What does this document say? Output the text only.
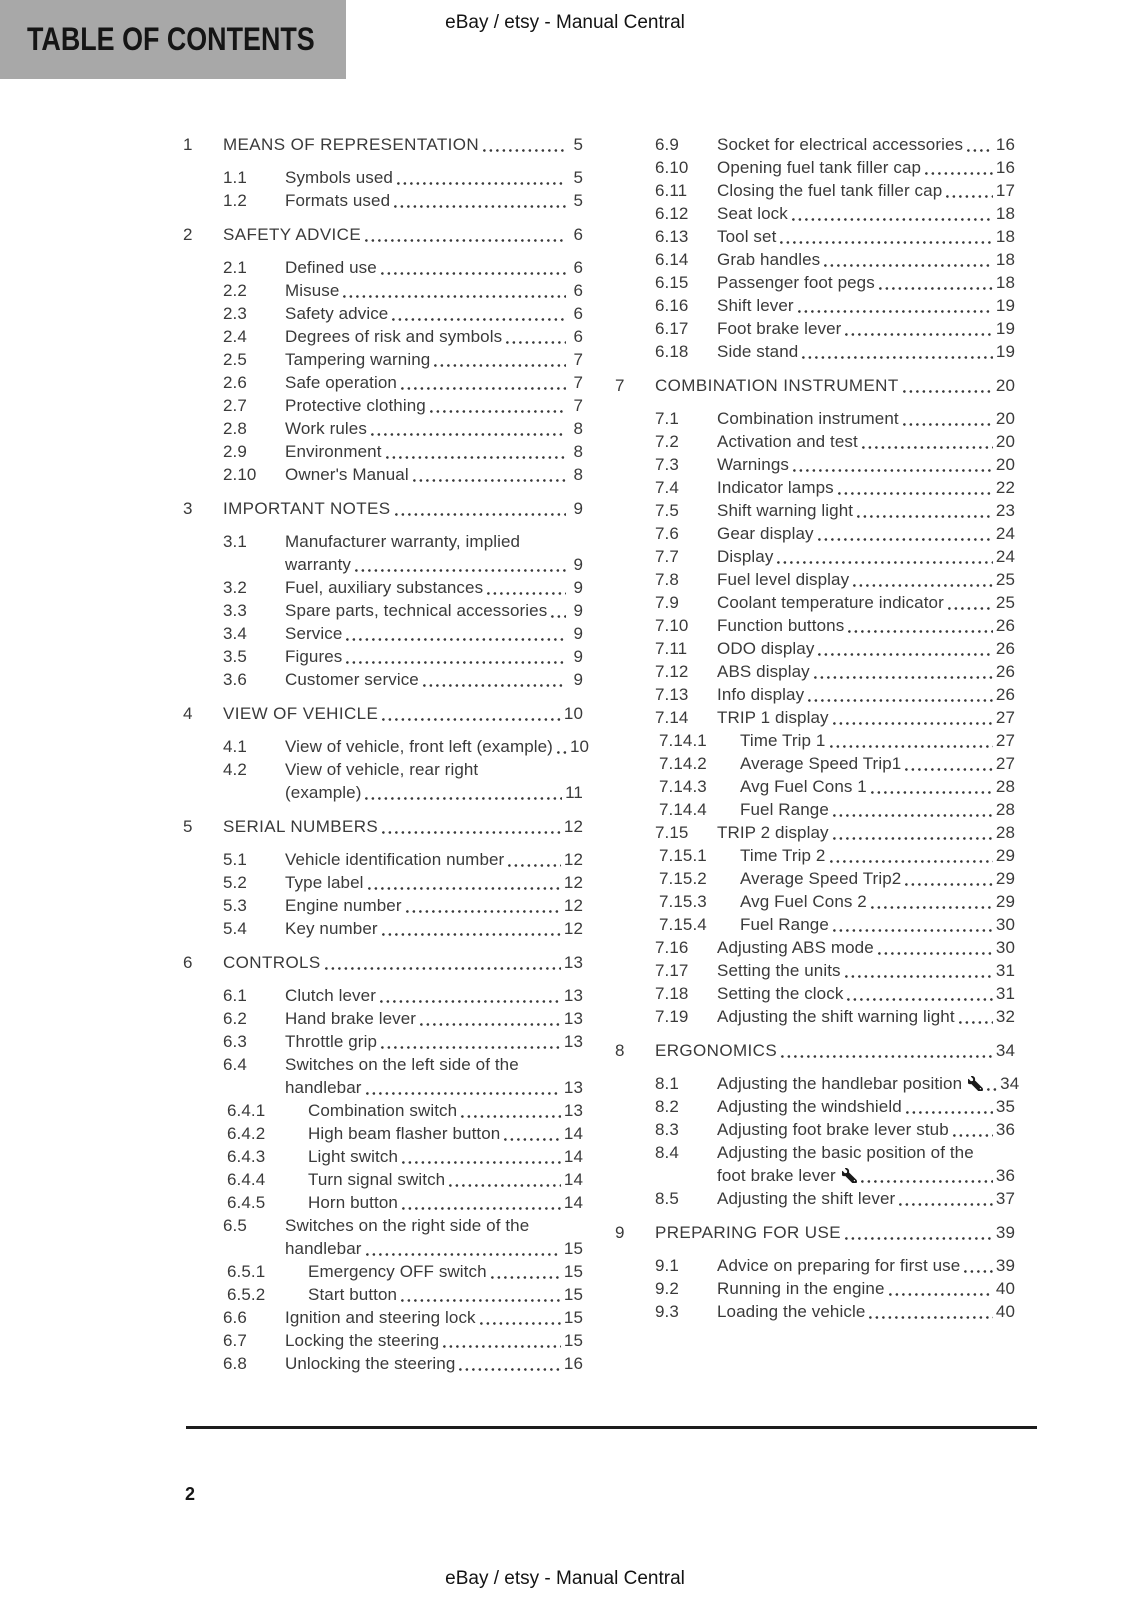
TABLE OF CONTENTS	eBay / etsy - Manual Central
1	MEANS OF REPRESENTATION	5
1.1	Symbols used	5
1.2	Formats used	5
2	SAFETY ADVICE	6
2.1	Defined use	6
2.2	Misuse	6
2.3	Safety advice	6
2.4	Degrees of risk and symbols	6
2.5	Tampering warning	7
2.6	Safe operation	7
2.7	Protective clothing	7
2.8	Work rules	8
2.9	Environment	8
2.10	Owner's Manual	8
3	IMPORTANT NOTES	9
3.1	Manufacturer warranty, implied
warranty	9
3.2	Fuel, auxiliary substances	9
3.3	Spare parts, technical accessories 9
3.4	Service	9
3.5	Figures	9
3.6	Customer service	9
4	VIEW OF VEHICLE	10
4.1	View of vehicle, front left (example) 10
4.2	View of vehicle, rear right
(example)	11
5	SERIAL NUMBERS	12
5.1	Vehicle identification number	12
5.2	Type label	12
5.3	Engine number	12
5.4	Key number	12
6	CONTROLS	13
6.1	Clutch lever	13
6.2	Hand brake lever	13
6.3	Throttle grip	13
6.4	Switches on the left side of the
handlebar	13
6.4.1	Combination switch	13
6.4.2	High beam flasher button	14
6.4.3	Light switch	14
6.4.4	Turn signal switch	14
6.4.5	Horn button	14
6.5	Switches on the right side of the
handlebar	15
6.5.1	Emergency OFF switch	15
6.5.2	Start button	15
6.6	Ignition and steering lock	15
6.7	Locking the steering	15
6.8	Unlocking the steering	16
6.9	Socket for electrical accessories 16
6.10	Opening fuel tank filler cap	16
6.11	Closing the fuel tank filler cap	17
6.12	Seat lock	18
6.13	Tool set	18
6.14	Grab handles	18
6.15	Passenger foot pegs	18
6.16	Shift lever	19
6.17	Foot brake lever	19
6.18	Side stand	19
7	COMBINATION INSTRUMENT	20
7.1	Combination instrument	20
7.2	Activation and test	20
7.3	Warnings	20
7.4	Indicator lamps	22
7.5	Shift warning light	23
7.6	Gear display	24
7.7	Display	24
7.8	Fuel level display	25
7.9	Coolant temperature indicator	25
7.10	Function buttons	26
7.11	ODO display	26
7.12	ABS display	26
7.13	Info display	26
7.14	TRIP 1 display	27
7.14.1	Time Trip 1	27
7.14.2	Average Speed Trip1	27
7.14.3	Avg Fuel Cons 1	28
7.14.4	Fuel Range	28
7.15	TRIP 2 display	28
7.15.1	Time Trip 2	29
7.15.2	Average Speed Trip2	29
7.15.3	Avg Fuel Cons 2	29
7.15.4	Fuel Range	30
7.16	Adjusting ABS mode	30
7.17	Setting the units	31
7.18	Setting the clock	31
7.19	Adjusting the shift warning light 32
8	ERGONOMICS	34
8.1	Adjusting the handlebar position	34
8.2	Adjusting the windshield	35
8.3	Adjusting foot brake lever stub	36
8.4	Adjusting the basic position of the
foot brake lever	36
8.5	Adjusting the shift lever	37
9	PREPARING FOR USE	39
9.1	Advice on preparing for first use 39
9.2	Running in the engine	40
9.3	Loading the vehicle	40
2
eBay / etsy - Manual Central
